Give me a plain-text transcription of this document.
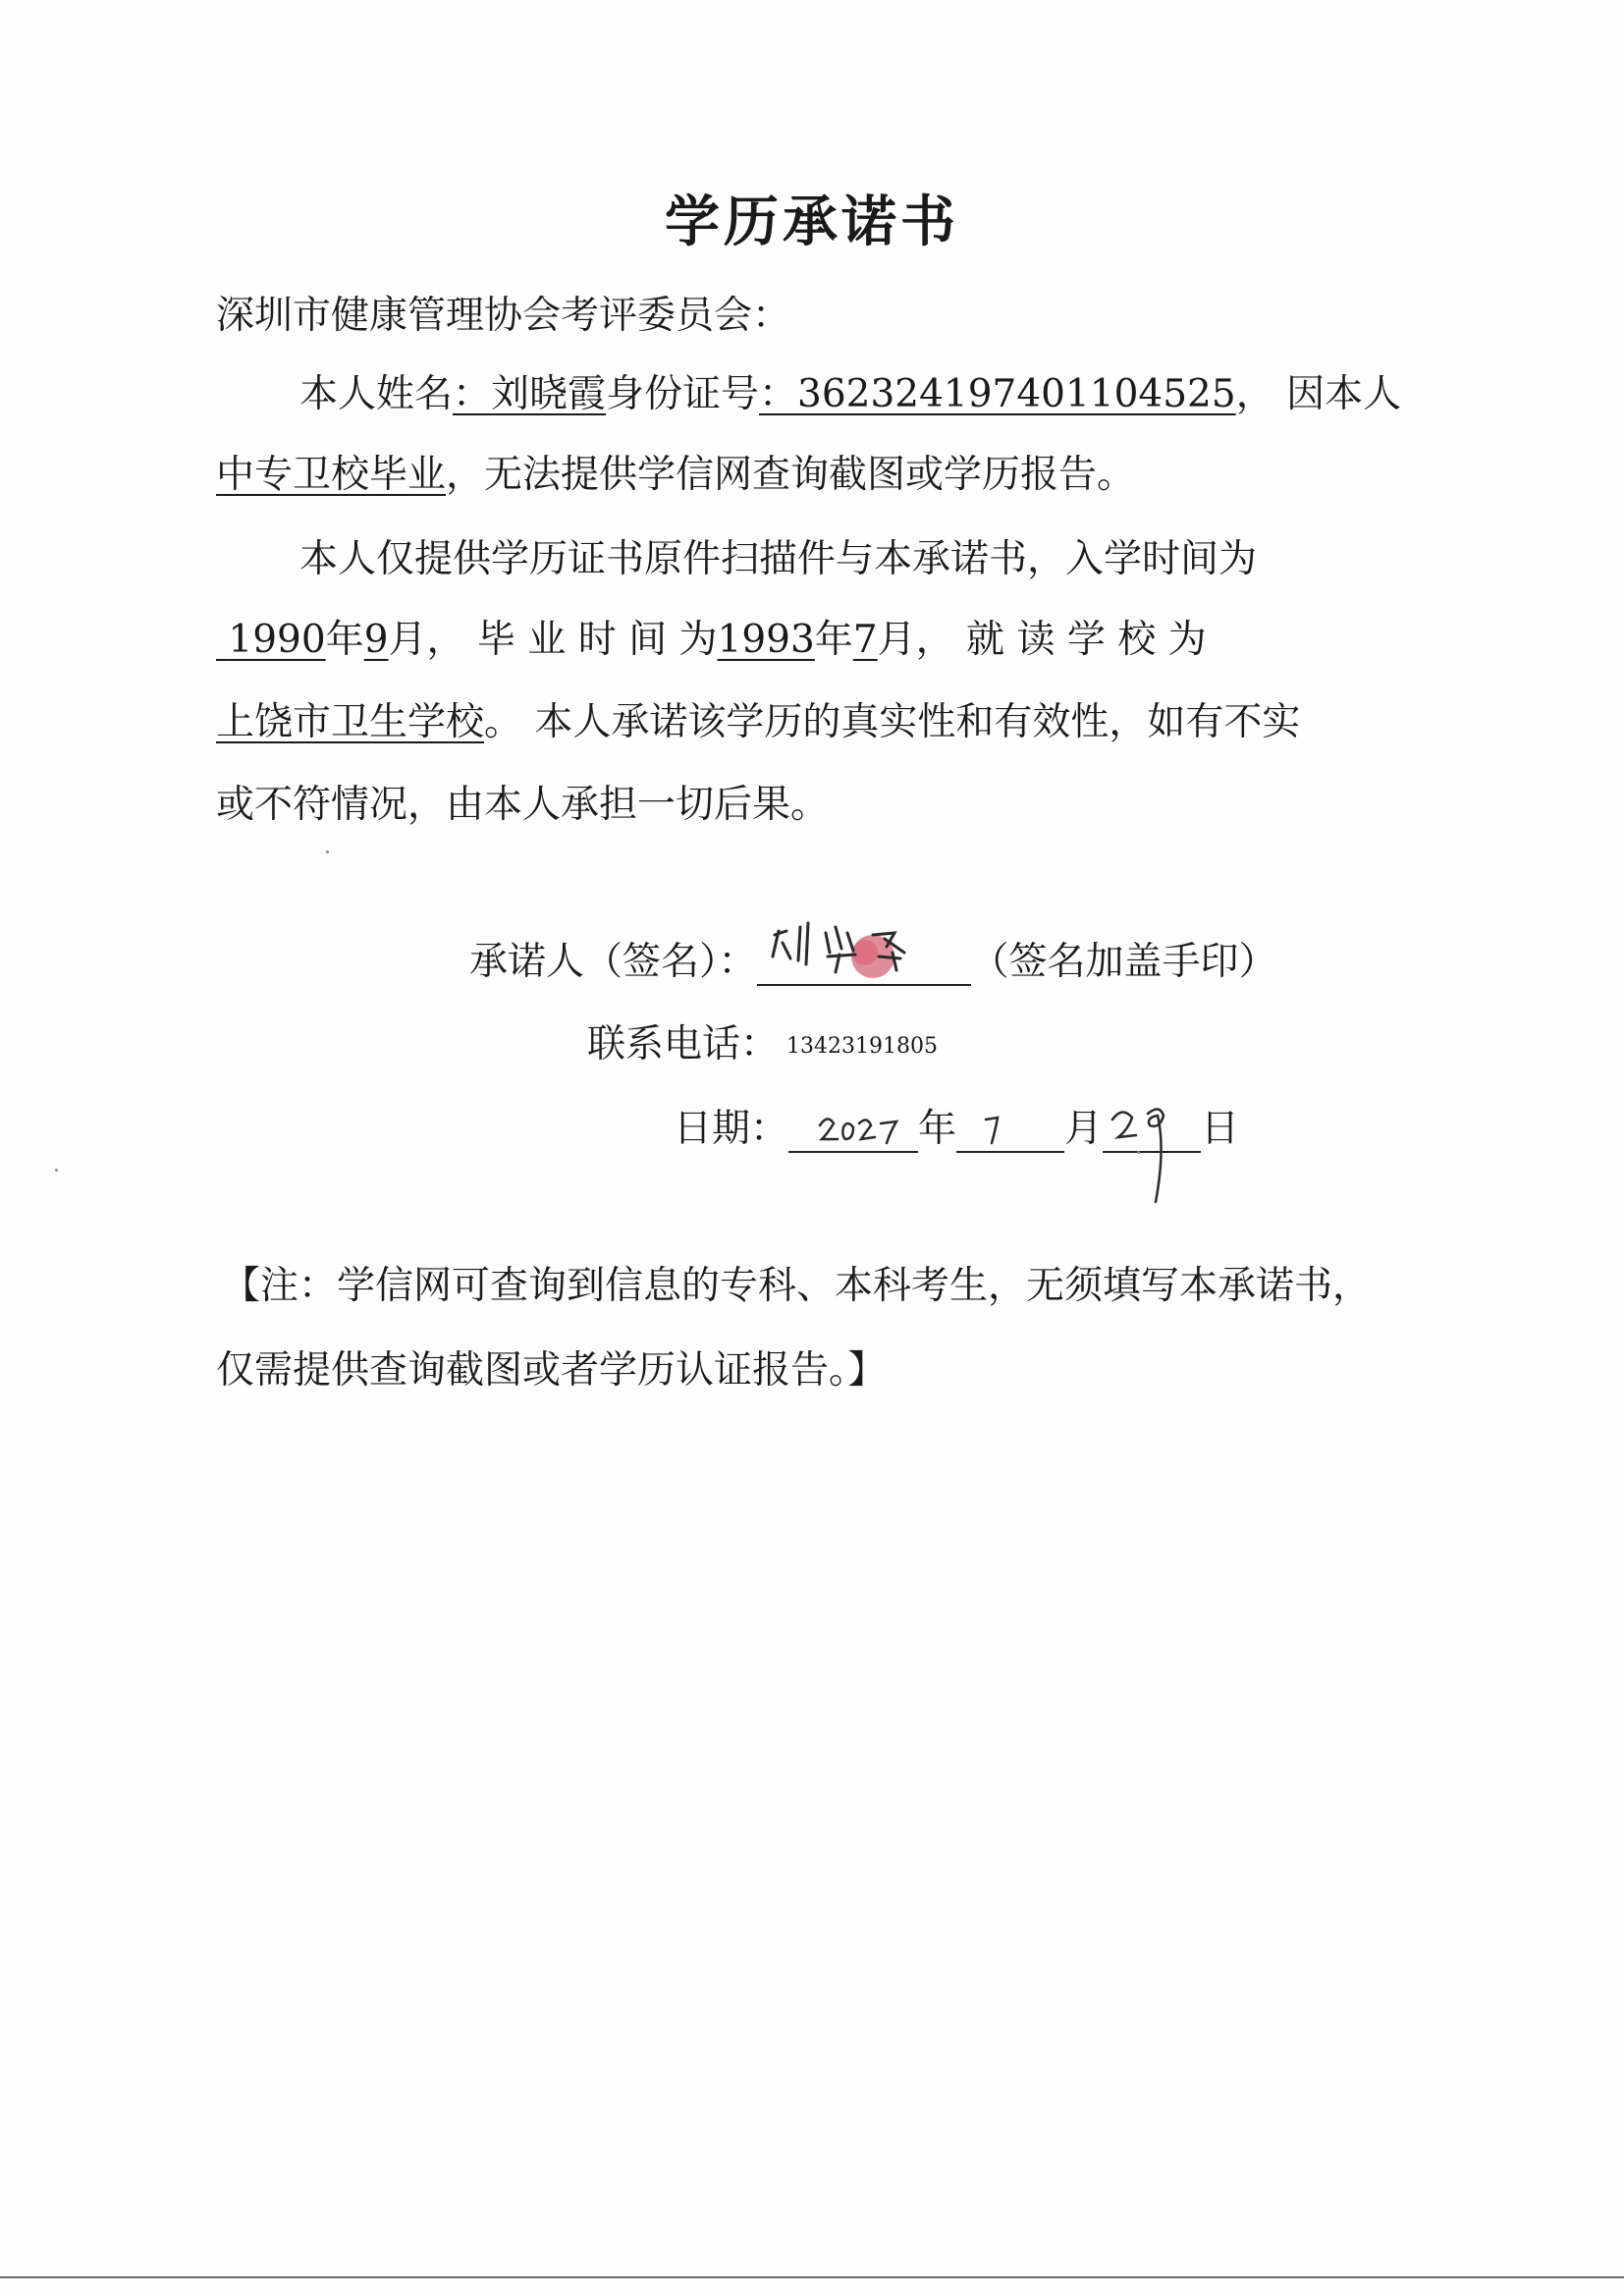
学历承诺书
深圳市健康管理协会考评委员会：
本人姓名：刘晓霞身份证号：362324197401104525， 因本人
中专卫校毕业，无法提供学信网查询截图或学历报告。
本人仅提供学历证书原件扫描件与本承诺书，入学时间为
1990年9月， 毕 业 时 间 为1993年7月， 就 读 学 校 为
上饶市卫生学校。 本人承诺该学历的真实性和有效性，如有不实
或不符情况，由本人承担一切后果。
承诺人（签名）：	（签名加盖手印）
联系电话： 13423191805
日期：	年	月	日
【注：学信网可查询到信息的专科、本科考生，无须填写本承诺书，
仅需提供查询截图或者学历认证报告。】
